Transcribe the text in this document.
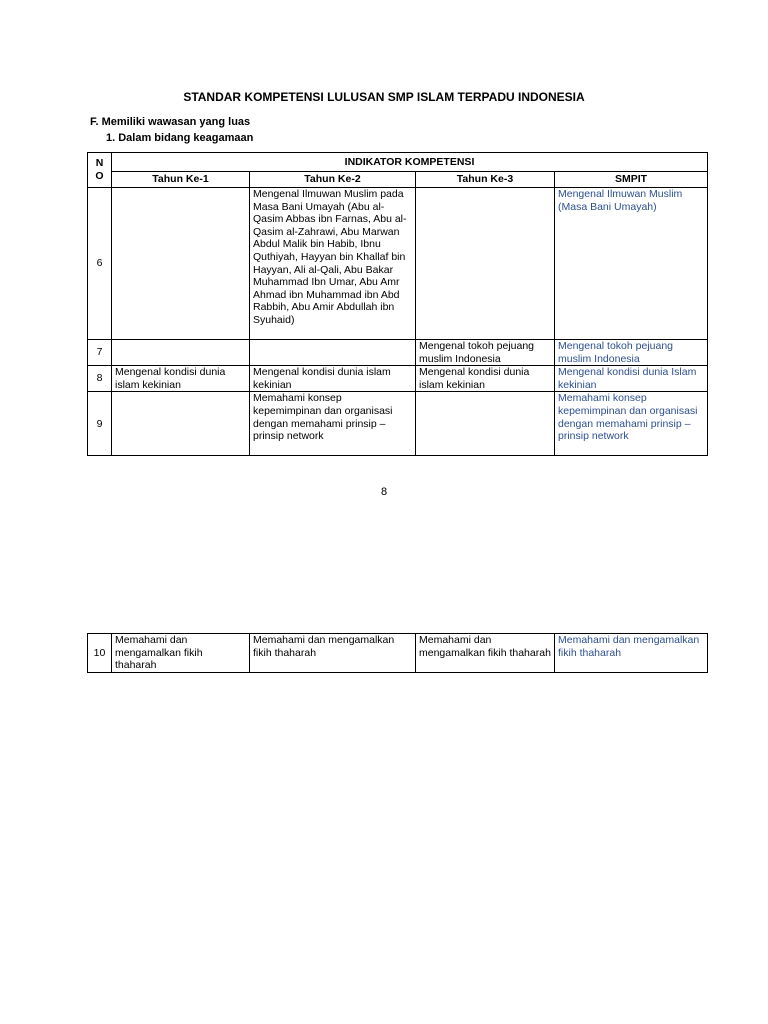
STANDAR KOMPETENSI LULUSAN SMP ISLAM TERPADU INDONESIA
F. Memiliki wawasan yang luas
1. Dalam bidang keagamaan
N
O	INDIKATOR KOMPETENSI			
	Tahun Ke-1	Tahun Ke-2	Tahun Ke-3	SMPIT
6		Mengenal Ilmuwan Muslim pada Masa Bani Umayah (Abu al-Qasim Abbas ibn Farnas, Abu al-Qasim al-Zahrawi, Abu Marwan Abdul Malik bin Habib, Ibnu Quthiyah, Hayyan bin Khallaf bin Hayyan, Ali al-Qali, Abu Bakar Muhammad Ibn Umar, Abu Amr Ahmad ibn Muhammad ibn Abd Rabbih, Abu Amir Abdullah ibn Syuhaid)		Mengenal Ilmuwan Muslim (Masa Bani Umayah)
7			Mengenal tokoh pejuang muslim Indonesia	Mengenal tokoh pejuang muslim Indonesia
8	Mengenal kondisi dunia islam kekinian	Mengenal kondisi dunia islam kekinian	Mengenal kondisi dunia islam kekinian	Mengenal kondisi dunia Islam kekinian
9		Memahami konsep kepemimpinan dan organisasi dengan memahami prinsip – prinsip network		Memahami konsep kepemimpinan dan organisasi dengan memahami prinsip – prinsip network
8
10	Memahami dan mengamalkan fikih thaharah	Memahami dan mengamalkan fikih thaharah	Memahami dan mengamalkan fikih thaharah	Memahami dan mengamalkan fikih thaharah
